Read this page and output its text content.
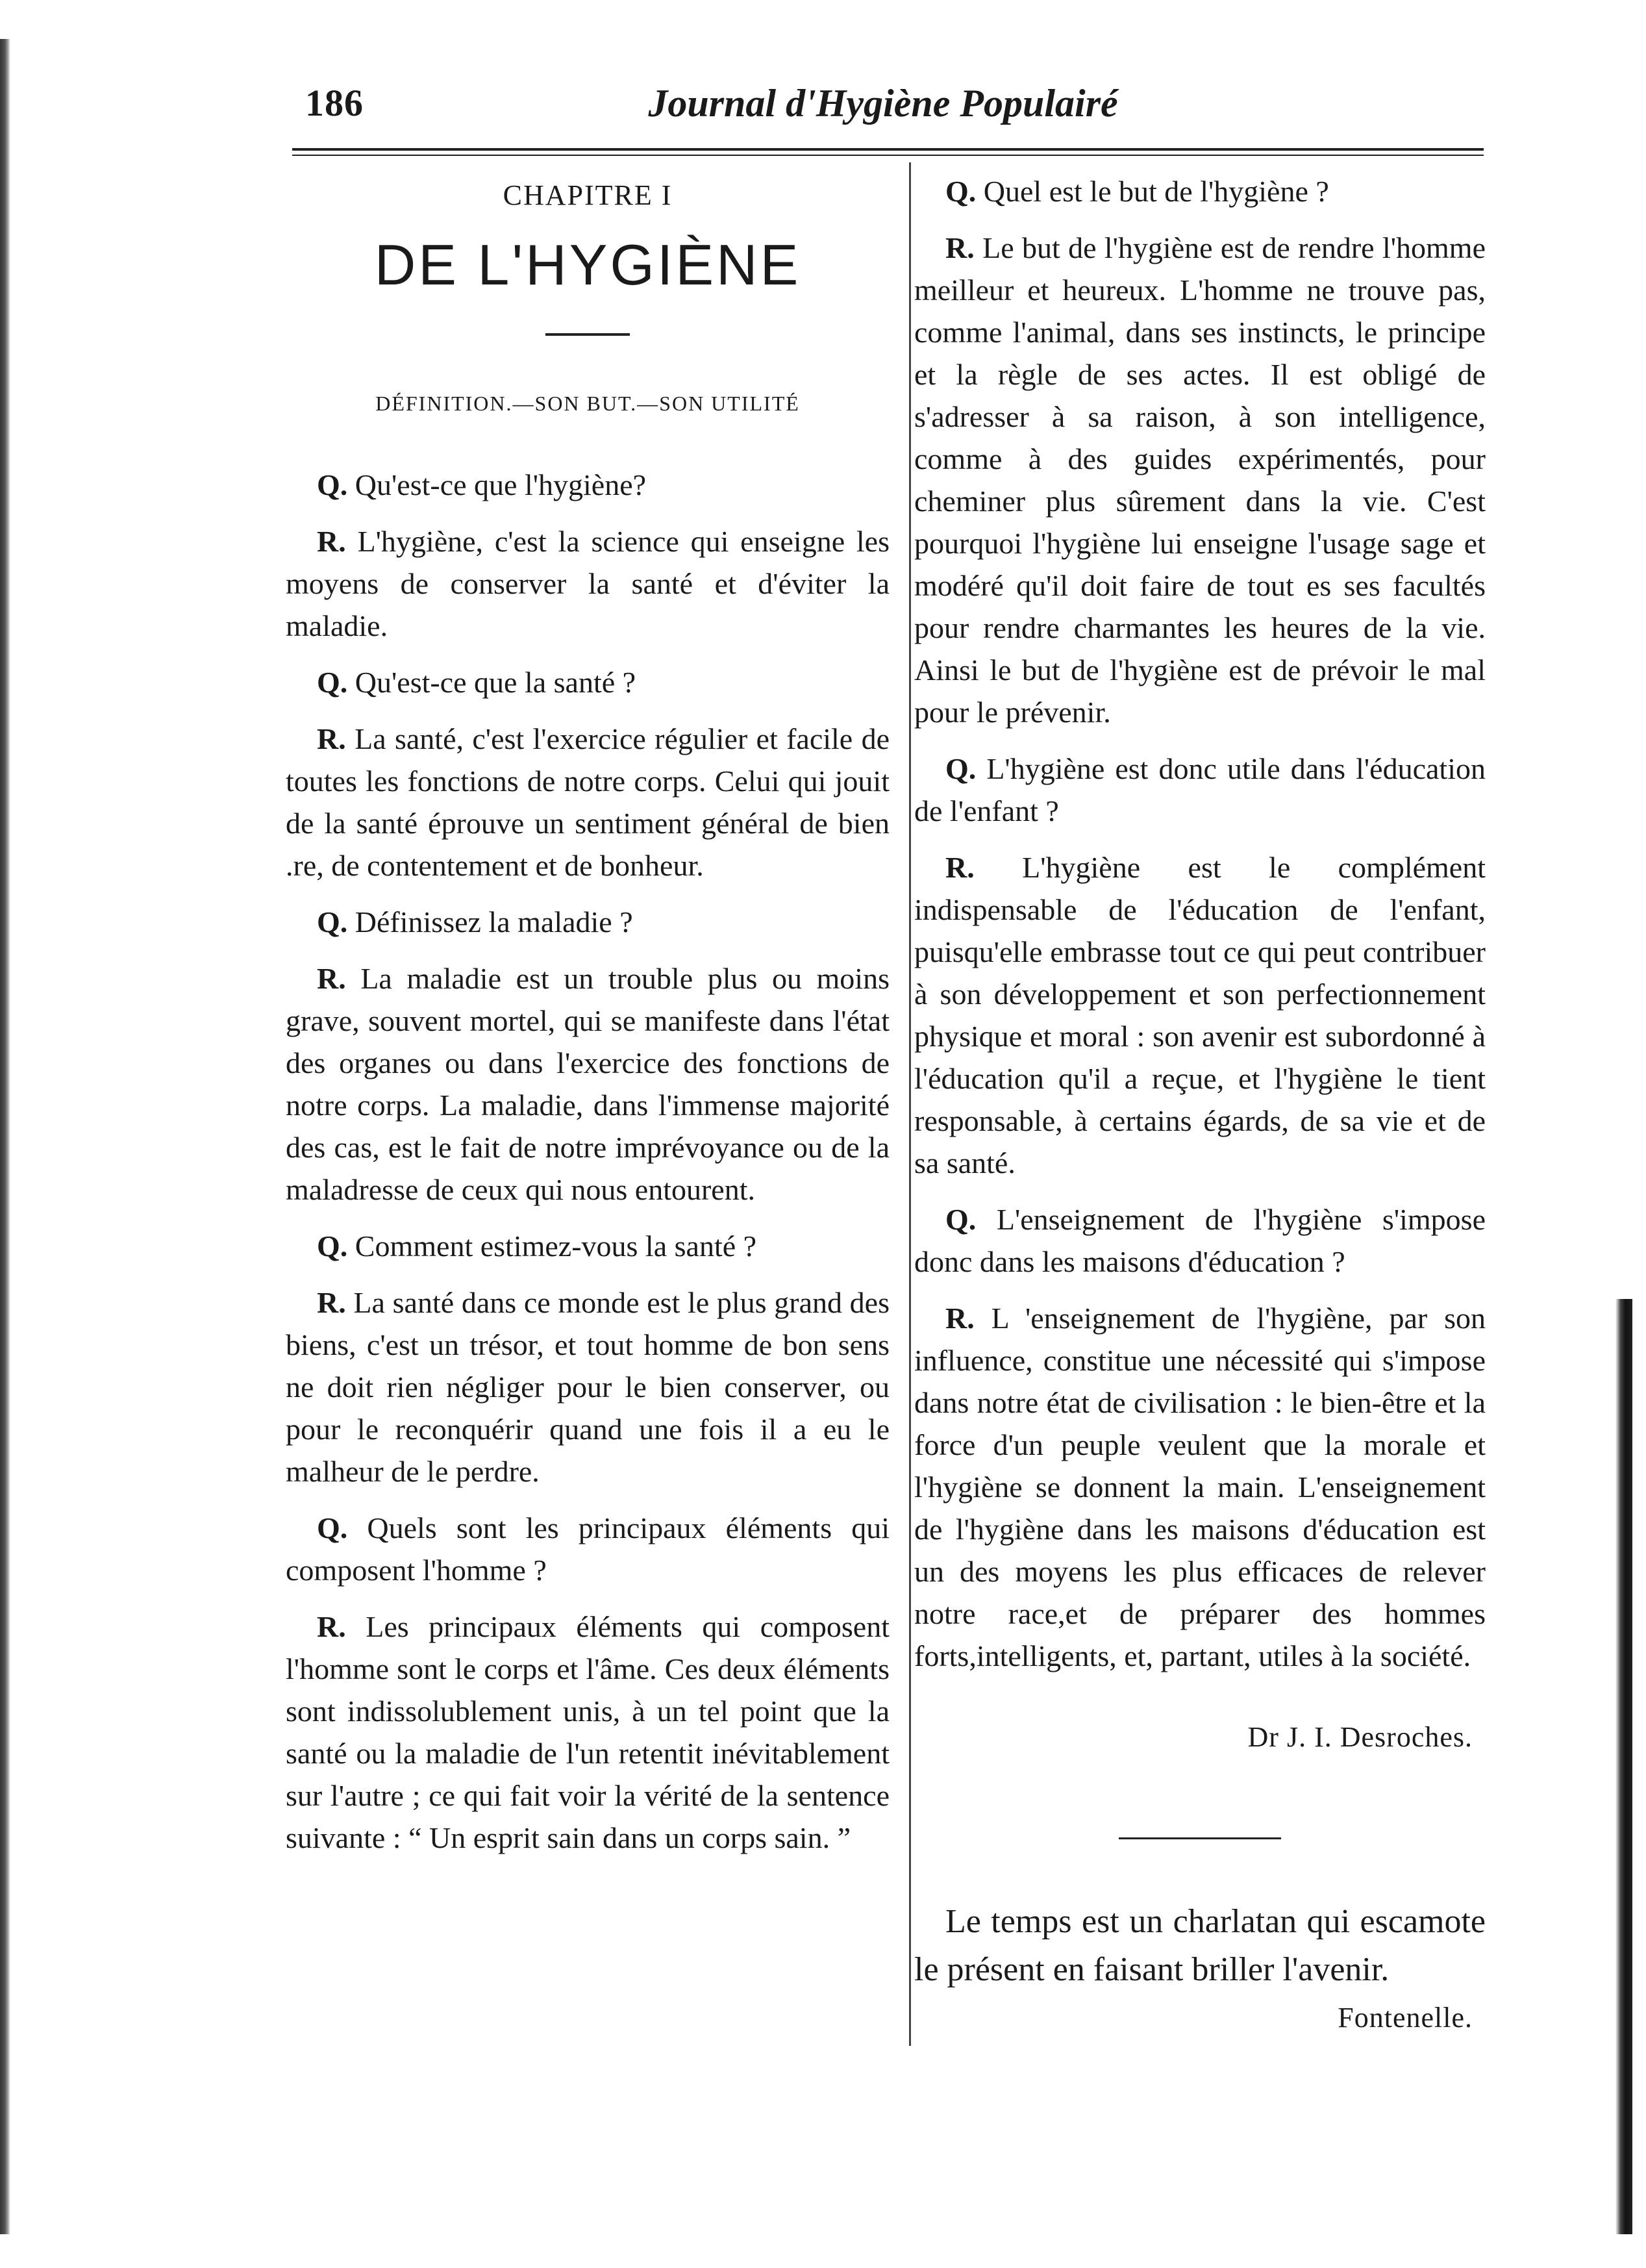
186	Journal d'Hygiène Populairé
CHAPITRE I
DE L'HYGIÈNE
DÉFINITION.—SON BUT.—SON UTILITÉ

Q. Qu'est-ce que l'hygiène?

R. L'hygiène, c'est la science qui enseigne les moyens de conserver la santé et d'éviter la maladie.

Q. Qu'est-ce que la santé ?

R. La santé, c'est l'exercice régulier et facile de toutes les fonctions de notre corps. Celui qui jouit de la santé éprouve un sentiment général de bien .re, de contentement et de bonheur.

Q. Définissez la maladie ?

R. La maladie est un trouble plus ou moins grave, souvent mortel, qui se manifeste dans l'état des organes ou dans l'exercice des fonctions de notre corps. La maladie, dans l'immense majorité des cas, est le fait de notre imprévoyance ou de la maladresse de ceux qui nous entourent.

Q. Comment estimez-vous la santé ?

R. La santé dans ce monde est le plus grand des biens, c'est un trésor, et tout homme de bon sens ne doit rien négliger pour le bien conserver, ou pour le reconquérir quand une fois il a eu le malheur de le perdre.

Q. Quels sont les principaux éléments qui composent l'homme ?

R. Les principaux éléments qui composent l'homme sont le corps et l'âme. Ces deux éléments sont indissolublement unis, à un tel point que la santé ou la maladie de l'un retentit inévitablement sur l'autre ; ce qui fait voir la vérité de la sentence suivante : “ Un esprit sain dans un corps sain. ”

Q. Quel est le but de l'hygiène ?

R. Le but de l'hygiène est de rendre l'homme meilleur et heureux. L'homme ne trouve pas, comme l'animal, dans ses instincts, le principe et la règle de ses actes. Il est obligé de s'adresser à sa raison, à son intelligence, comme à des guides expérimentés, pour cheminer plus sûrement dans la vie. C'est pourquoi l'hygiène lui enseigne l'usage sage et modéré qu'il doit faire de tout es ses facultés pour rendre charmantes les heures de la vie. Ainsi le but de l'hygiène est de prévoir le mal pour le prévenir.

Q. L'hygiène est donc utile dans l'éducation de l'enfant ?

R. L'hygiène est le complément indispensable de l'éducation de l'enfant, puisqu'elle embrasse tout ce qui peut contribuer à son développement et son perfectionnement physique et moral : son avenir est subordonné à l'éducation qu'il a reçue, et l'hygiène le tient responsable, à certains égards, de sa vie et de sa santé.

Q. L'enseignement de l'hygiène s'impose donc dans les maisons d'éducation ?

R. L 'enseignement de l'hygiène, par son influence, constitue une nécessité qui s'impose dans notre état de civilisation : le bien-être et la force d'un peuple veulent que la morale et l'hygiène se donnent la main. L'enseignement de l'hygiène dans les maisons d'éducation est un des moyens les plus efficaces de relever notre race,et de préparer des hommes forts,intelligents, et, partant, utiles à la société.

Dr J. I. Desroches.
Le temps est un charlatan qui escamote le présent en faisant briller l'avenir.
Fontenelle.
